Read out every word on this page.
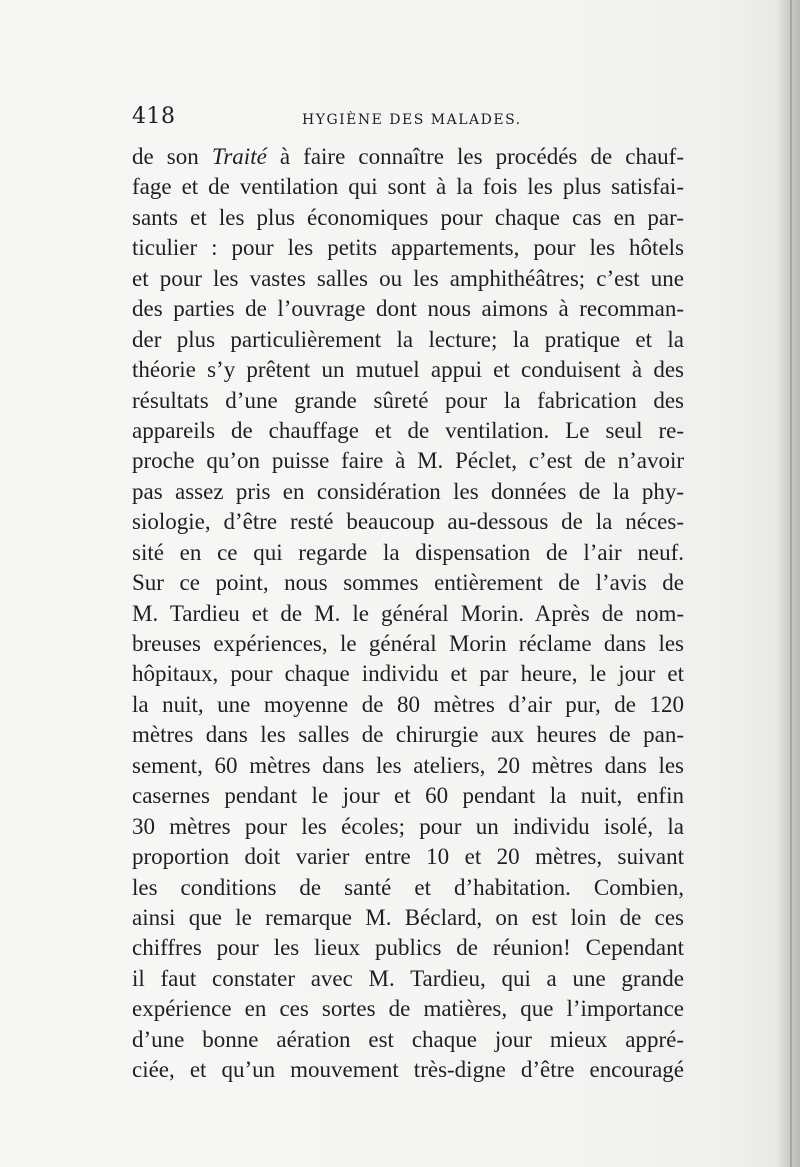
418	HYGIÈNE DES MALADES.
de son Traité à faire connaître les procédés de chauf-
fage et de ventilation qui sont à la fois les plus satisfai-
sants et les plus économiques pour chaque cas en par-
ticulier : pour les petits appartements, pour les hôtels
et pour les vastes salles ou les amphithéâtres; c’est une
des parties de l’ouvrage dont nous aimons à recomman-
der plus particulièrement la lecture; la pratique et la
théorie s’y prêtent un mutuel appui et conduisent à des
résultats d’une grande sûreté pour la fabrication des
appareils de chauffage et de ventilation. Le seul re-
proche qu’on puisse faire à M. Péclet, c’est de n’avoir
pas assez pris en considération les données de la phy-
siologie, d’être resté beaucoup au-dessous de la néces-
sité en ce qui regarde la dispensation de l’air neuf.
Sur ce point, nous sommes entièrement de l’avis de
M. Tardieu et de M. le général Morin. Après de nom-
breuses expériences, le général Morin réclame dans les
hôpitaux, pour chaque individu et par heure, le jour et
la nuit, une moyenne de 80 mètres d’air pur, de 120
mètres dans les salles de chirurgie aux heures de pan-
sement, 60 mètres dans les ateliers, 20 mètres dans les
casernes pendant le jour et 60 pendant la nuit, enfin
30 mètres pour les écoles; pour un individu isolé, la
proportion doit varier entre 10 et 20 mètres, suivant
les conditions de santé et d’habitation. Combien,
ainsi que le remarque M. Béclard, on est loin de ces
chiffres pour les lieux publics de réunion! Cependant
il faut constater avec M. Tardieu, qui a une grande
expérience en ces sortes de matières, que l’importance
d’une bonne aération est chaque jour mieux appré-
ciée, et qu’un mouvement très-digne d’être encouragé
